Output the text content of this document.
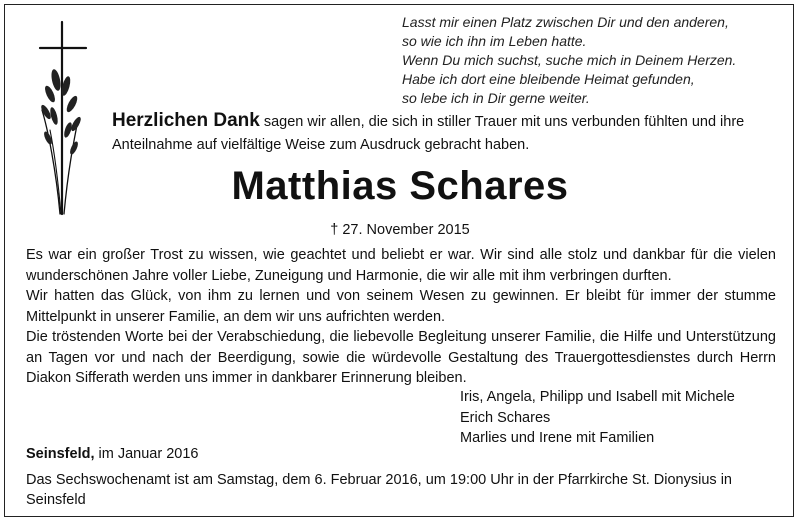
Lasst mir einen Platz zwischen Dir und den anderen,
so wie ich ihn im Leben hatte.
Wenn Du mich suchst, suche mich in Deinem Herzen.
Habe ich dort eine bleibende Heimat gefunden,
so lebe ich in Dir gerne weiter.
Herzlichen Dank sagen wir allen, die sich in stiller Trauer mit uns verbunden fühlten und ihre Anteilnahme auf vielfältige Weise zum Ausdruck gebracht haben.
Matthias Schares
† 27. November 2015

Es war ein großer Trost zu wissen, wie geachtet und beliebt er war. Wir sind alle stolz und dankbar für die vielen wunderschönen Jahre voller Liebe, Zuneigung und Harmonie, die wir alle mit ihm verbringen durften.

Wir hatten das Glück, von ihm zu lernen und von seinem Wesen zu gewinnen. Er bleibt für immer der stumme Mittelpunkt in unserer Familie, an dem wir uns aufrichten werden.

Die tröstenden Worte bei der Verabschiedung, die liebevolle Begleitung unserer Familie, die Hilfe und Unterstützung an Tagen vor und nach der Beerdigung, sowie die würdevolle Gestaltung des Trauergottesdienstes durch Herrn Diakon Sifferath werden uns immer in dankbarer Erinnerung bleiben.

Iris, Angela, Philipp und Isabell mit Michele
Erich Schares
Marlies und Irene mit Familien
Seinsfeld, im Januar 2016
Das Sechswochenamt ist am Samstag, dem 6. Februar 2016, um 19:00 Uhr in der Pfarrkirche St. Dionysius in Seinsfeld
